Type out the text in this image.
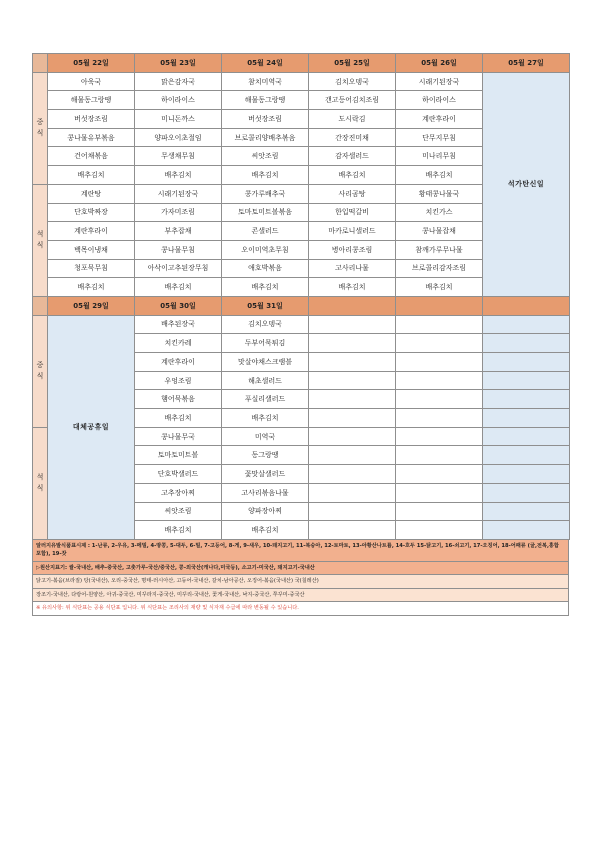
	05월 22일	05월 23일	05월 24일	05월 25일	05월 26일	05월 27일
중
식	아욱국	맑은감자국	참치미역국	김치오뎅국	시래기된장국	석가탄신일
	해물동그랑땡	하이라이스	해물동그랑땡	갠고등어김치조림	하이라이스	
	버섯장조림	미니돈까스	버섯장조림	도시락김	계란후라이	
	콩나물유부볶음	양파오이초절임	브로콜리양배추볶음	간장진미채	단무지무침	
	건어채볶음	무생채무침	씨앗조림	감자샐러드	미나리무침	
	배추김치	배추김치	배추김치	배추김치	배추김치	
석
식	계란탕	시래기된장국	콩가루배추국	사리곰탕	황태콩나물국	
	단호박짜장	가자미조림	토마토미트볼볶음	한입떡갈비	치킨가스	
	계란후라이	부추잡채	콘샐러드	마카로니샐러드	콩나물잡채	
	백목이냉채	콩나물무침	오이미역초무침	병아리콩조림	참깨가루무나물	
	청포묵무침	아삭이고추된장무침	애호박볶음	고사리나물	브로콜리감자조림	
	배추김치	배추김치	배추김치	배추김치	배추김치	
	05월 29일	05월 30일	05월 31일			
중
식	대체공휴일	배추된장국	김치오뎅국			
		치킨카레	두부어묵튀김			
		계란후라이	맛살야채스크램블			
		우엉조림	해초샐러드			
		햄어묵볶음	푸실리샐러드			
		배추김치	배추김치			
석
식		콩나물무국	미역국			
		토마토미트볼	동그랑땡			
		단호박샐러드	꽃맛살샐러드			
		고추장아찌	고사리볶음나물			
		씨앗조림	양파장아찌			
		배추김치	배추김치			
알러지유발식품표시제 : 1-난류, 2-우유, 3-메밀, 4-땅콩, 5-대두, 6-밀, 7-고등어, 8-게, 9-새우, 10-돼지고기, 11-복숭아, 12-토마토, 13-아황산나트륨, 14-호두 15-닭고기, 16-쇠고기, 17-오징어, 18-어패류 (굴,전복,홍합 포함), 19-잣
▷원산지표기: 쌀-국내산, 배추-중국산, 고춧가루-국산/중국산, 콩-외국산(캐나다,미국등), 소고기-미국산, 돼지고기-국내산
닭고기-볶음(브라질) 탕(국내산), 오리-중국산, 명태-러시아산, 고등어-국내산, 갈치-남아공산, 오징어-볶음(국내산) 국(칠레산)
장조기-국내산, 다랑어-원양산, 아귀-중국산, 미꾸라지-중국산, 미꾸리-국내산, 꽃게-국내산, 낙지-중국산, 쭈꾸미-중국산
※ 유의사항: 위 식단표는 공용 식단표 입니다. 위 식단표는 조리사의 재량 및 식자재 수급에 따라 변동될 수 있습니다.
